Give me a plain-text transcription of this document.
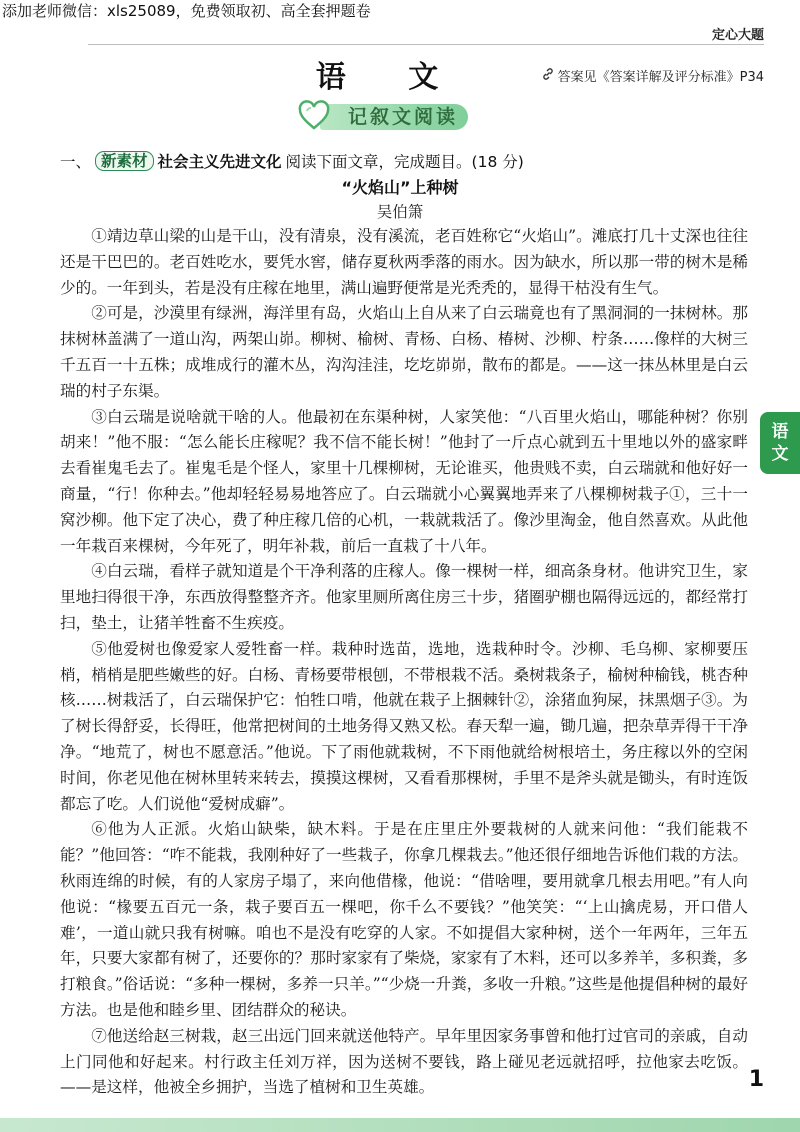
添加老师微信：xls25089，免费领取初、高全套押题卷
定心大题
语 文	答案见《答案详解及评分标准》P34
记叙文阅读
一、 新素材 社会主义先进文化 阅读下面文章，完成题目。(18 分)
“火焰山”上种树
吴伯箫

①靖边草山梁的山是干山，没有清泉，没有溪流，老百姓称它“火焰山”。滩底打几十丈深也往往还是干巴巴的。老百姓吃水，要凭水窖，储存夏秋两季落的雨水。因为缺水，所以那一带的树木是稀少的。一年到头，若是没有庄稼在地里，满山遍野便常是光秃秃的，显得干枯没有生气。

②可是，沙漠里有绿洲，海洋里有岛，火焰山上自从来了白云瑞竟也有了黑洞洞的一抹树林。那抹树林盖满了一道山沟，两架山峁。柳树、榆树、青杨、白杨、椿树、沙柳、柠条……像样的大树三千五百一十五株；成堆成行的灌木丛，沟沟洼洼，圪圪峁峁，散布的都是。——这一抹丛林里是白云瑞的村子东渠。

③白云瑞是说啥就干啥的人。他最初在东渠种树，人家笑他：“八百里火焰山，哪能种树？你别胡来！”他不服：“怎么能长庄稼呢？我不信不能长树！”他封了一斤点心就到五十里地以外的盛家畔去看崔鬼毛去了。崔鬼毛是个怪人，家里十几棵柳树，无论谁买，他贵贱不卖，白云瑞就和他好好一商量，“行！你种去。”他却轻轻易易地答应了。白云瑞就小心翼翼地弄来了八棵柳树栽子①，三十一窝沙柳。他下定了决心，费了种庄稼几倍的心机，一栽就栽活了。像沙里淘金，他自然喜欢。从此他一年栽百来棵树，今年死了，明年补栽，前后一直栽了十八年。

④白云瑞，看样子就知道是个干净利落的庄稼人。像一棵树一样，细高条身材。他讲究卫生，家里地扫得很干净，东西放得整整齐齐。他家里厕所离住房三十步，猪圈驴棚也隔得远远的，都经常打扫，垫土，让猪羊牲畜不生疾疫。

⑤他爱树也像爱家人爱牲畜一样。栽种时选苗，选地，选栽种时令。沙柳、毛乌柳、家柳要压梢，梢梢是肥些嫩些的好。白杨、青杨要带根刨，不带根栽不活。桑树栽条子，榆树种榆钱，桃杏种核……树栽活了，白云瑞保护它：怕牲口啃，他就在栽子上捆棘针②，涂猪血狗屎，抹黑烟子③。为了树长得舒妥，长得旺，他常把树间的土地务得又熟又松。春天犁一遍，锄几遍，把杂草弄得干干净净。“地荒了，树也不愿意活。”他说。下了雨他就栽树，不下雨他就给树根培土，务庄稼以外的空闲时间，你老见他在树林里转来转去，摸摸这棵树，又看看那棵树，手里不是斧头就是锄头，有时连饭都忘了吃。人们说他“爱树成癖”。

⑥他为人正派。火焰山缺柴，缺木料。于是在庄里庄外要栽树的人就来问他：“我们能栽不能？”他回答：“咋不能栽，我刚种好了一些栽子，你拿几棵栽去。”他还很仔细地告诉他们栽的方法。秋雨连绵的时候，有的人家房子塌了，来向他借椽，他说：“借啥哩，要用就拿几根去用吧。”有人向他说：“椽要五百元一条，栽子要百五一棵吧，你千么不要钱？”他笑笑：“‘上山擒虎易，开口借人难’，一道山就只我有树嘛。咱也不是没有吃穿的人家。不如提倡大家种树，送个一年两年，三年五年，只要大家都有树了，还要你的？那时家家有了柴烧，家家有了木料，还可以多养羊，多积粪，多打粮食。”俗话说：“多种一棵树，多养一只羊。”“少烧一升粪，多收一升粮。”这些是他提倡种树的最好方法。也是他和睦乡里、团结群众的秘诀。

⑦他送给赵三树栽，赵三出远门回来就送他特产。早年里因家务事曾和他打过官司的亲戚，自动上门同他和好起来。村行政主任刘万祥，因为送树不要钱，路上碰见老远就招呼，拉他家去吃饭。——是这样，他被全乡拥护，当选了植树和卫生英雄。

语
文
1
